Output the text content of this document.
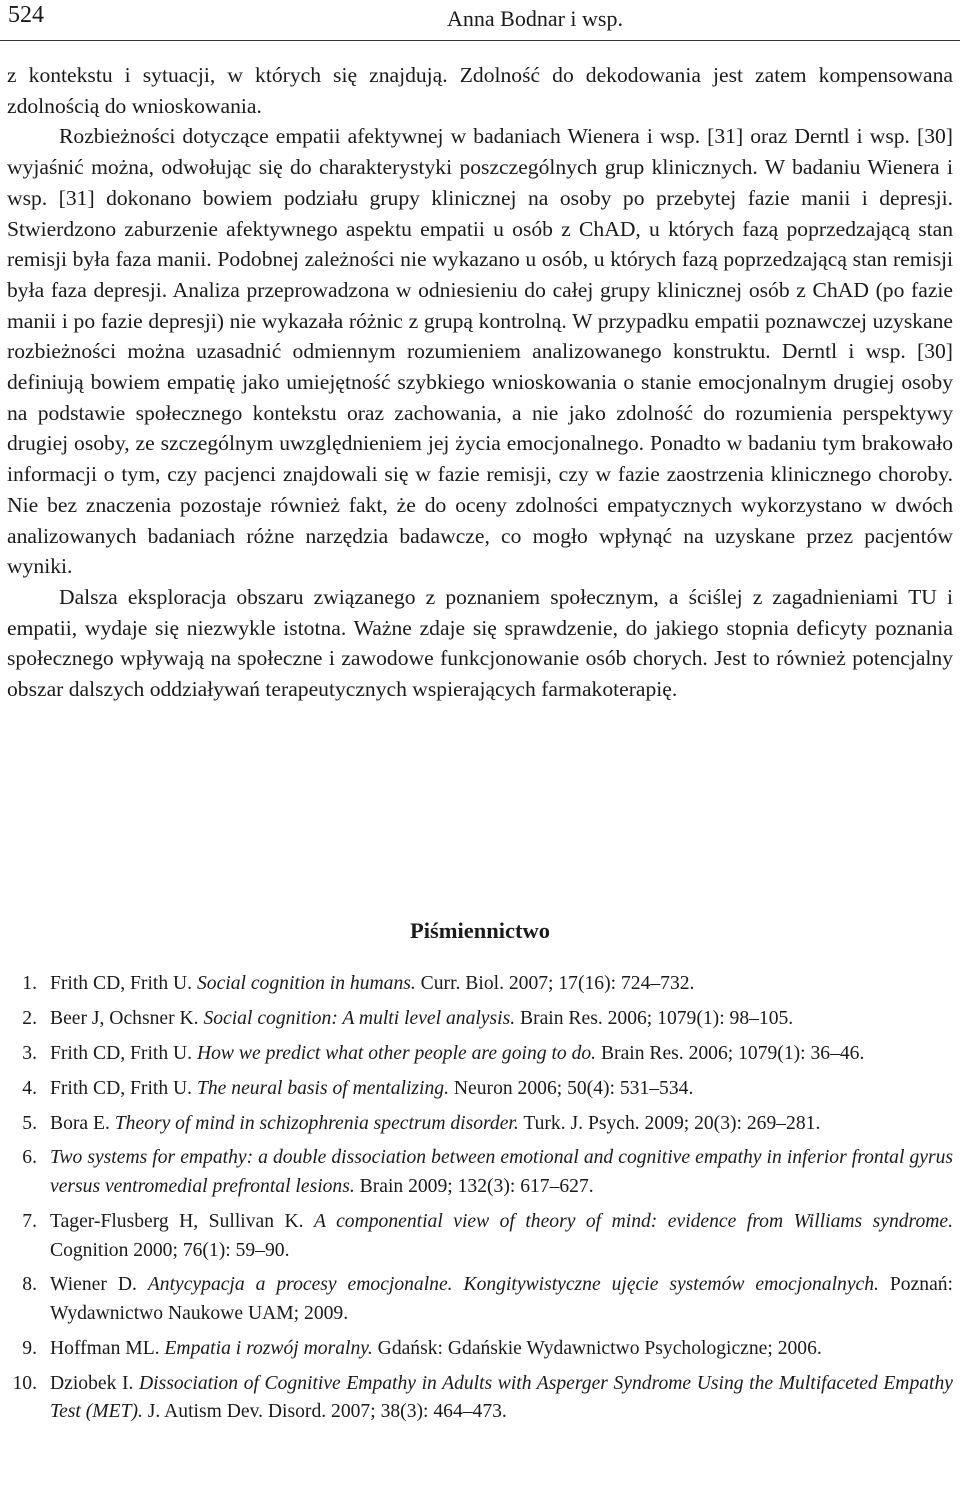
524	Anna Bodnar i wsp.

z kontekstu i sytuacji, w których się znajdują. Zdolność do dekodowania jest zatem kompensowana zdolnością do wnioskowania.

Rozbieżności dotyczące empatii afektywnej w badaniach Wienera i wsp. [31] oraz Derntl i wsp. [30] wyjaśnić można, odwołując się do charakterystyki poszczególnych grup klinicznych. W badaniu Wienera i wsp. [31] dokonano bowiem podziału grupy klinicznej na osoby po przebytej fazie manii i depresji. Stwierdzono zaburzenie afektywnego aspektu empatii u osób z ChAD, u których fazą poprzedzającą stan remisji była faza manii. Podobnej zależności nie wykazano u osób, u których fazą poprzedzającą stan remisji była faza depresji. Analiza przeprowadzona w odniesieniu do całej grupy klinicznej osób z ChAD (po fazie manii i po fazie depresji) nie wykazała różnic z grupą kontrolną. W przypadku empatii poznawczej uzyskane rozbieżności można uzasadnić odmiennym rozumieniem analizowanego konstruktu. Derntl i wsp. [30] definiują bowiem empatię jako umiejętność szybkiego wnioskowania o stanie emocjonalnym drugiej osoby na podstawie społecznego kontekstu oraz zachowania, a nie jako zdolność do rozumienia perspektywy drugiej osoby, ze szczególnym uwzględnieniem jej życia emocjonalnego. Ponadto w badaniu tym brakowało informacji o tym, czy pacjenci znajdowali się w fazie remisji, czy w fazie zaostrzenia klinicznego choroby. Nie bez znaczenia pozostaje również fakt, że do oceny zdolności empatycznych wykorzystano w dwóch analizowanych badaniach różne narzędzia badawcze, co mogło wpłynąć na uzyskane przez pacjentów wyniki.

Dalsza eksploracja obszaru związanego z poznaniem społecznym, a ściślej z zagadnieniami TU i empatii, wydaje się niezwykle istotna. Ważne zdaje się sprawdzenie, do jakiego stopnia deficyty poznania społecznego wpływają na społeczne i zawodowe funkcjonowanie osób chorych. Jest to również potencjalny obszar dalszych oddziaływań terapeutycznych wspierających farmakoterapię.

Piśmiennictwo
1. Frith CD, Frith U. Social cognition in humans. Curr. Biol. 2007; 17(16): 724–732.
2. Beer J, Ochsner K. Social cognition: A multi level analysis. Brain Res. 2006; 1079(1): 98–105.
3. Frith CD, Frith U. How we predict what other people are going to do. Brain Res. 2006; 1079(1): 36–46.
4. Frith CD, Frith U. The neural basis of mentalizing. Neuron 2006; 50(4): 531–534.
5. Bora E. Theory of mind in schizophrenia spectrum disorder. Turk. J. Psych. 2009; 20(3): 269–281.
6. Two systems for empathy: a double dissociation between emotional and cognitive empathy in inferior frontal gyrus versus ventromedial prefrontal lesions. Brain 2009; 132(3): 617–627.
7. Tager-Flusberg H, Sullivan K. A componential view of theory of mind: evidence from Williams syndrome. Cognition 2000; 76(1): 59–90.
8. Wiener D. Antycypacja a procesy emocjonalne. Kongitywistyczne ujęcie systemów emocjonalnych. Poznań: Wydawnictwo Naukowe UAM; 2009.
9. Hoffman ML. Empatia i rozwój moralny. Gdańsk: Gdańskie Wydawnictwo Psychologiczne; 2006.
10. Dziobek I. Dissociation of Cognitive Empathy in Adults with Asperger Syndrome Using the Multifaceted Empathy Test (MET). J. Autism Dev. Disord. 2007; 38(3): 464–473.
